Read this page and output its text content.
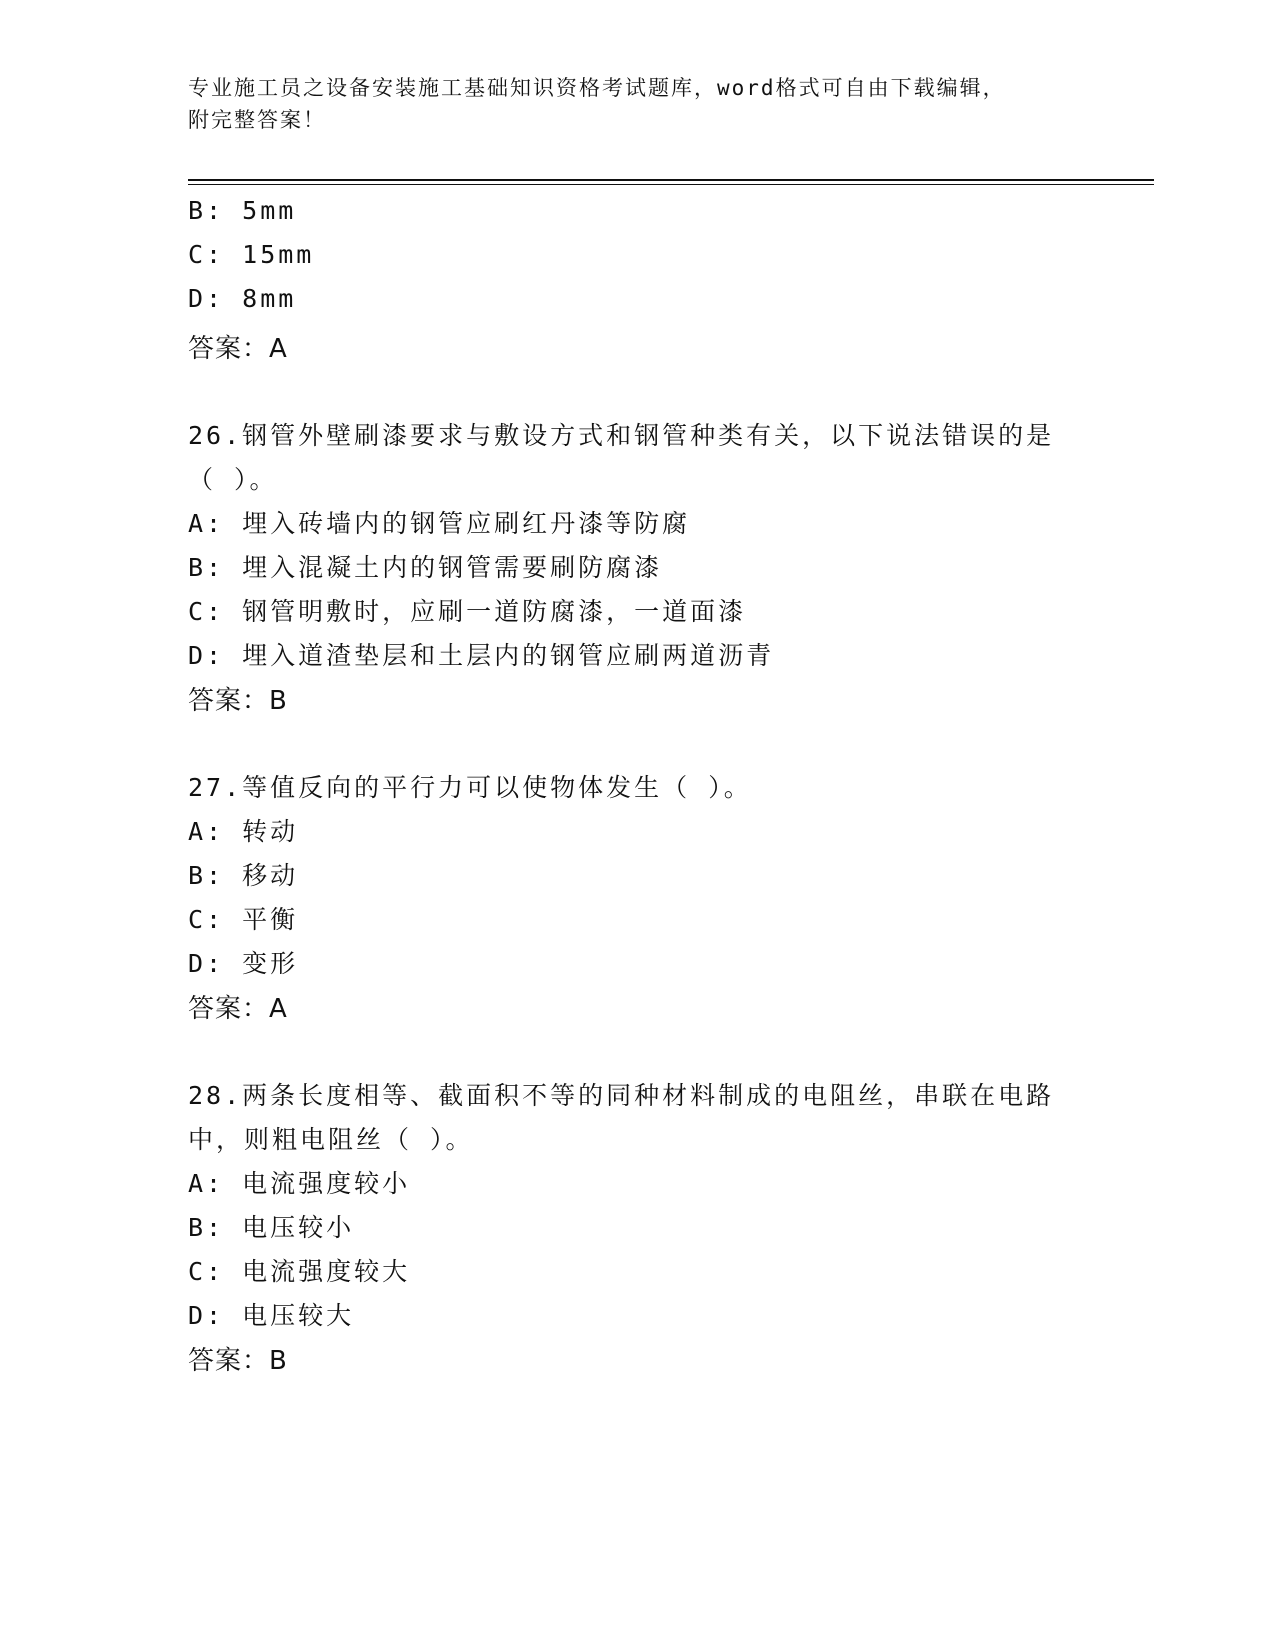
专业施工员之设备安装施工基础知识资格考试题库，word格式可自由下载编辑，
附完整答案！
B: 5mm
C: 15mm
D: 8mm
答案：A
26.钢管外壁刷漆要求与敷设方式和钢管种类有关，以下说法错误的是
（ ）。
A: 埋入砖墙内的钢管应刷红丹漆等防腐
B: 埋入混凝土内的钢管需要刷防腐漆
C: 钢管明敷时，应刷一道防腐漆，一道面漆
D: 埋入道渣垫层和土层内的钢管应刷两道沥青
答案：B
27.等值反向的平行力可以使物体发生（ ）。
A: 转动
B: 移动
C: 平衡
D: 变形
答案：A
28.两条长度相等、截面积不等的同种材料制成的电阻丝，串联在电路
中，则粗电阻丝（ ）。
A: 电流强度较小
B: 电压较小
C: 电流强度较大
D: 电压较大
答案：B
